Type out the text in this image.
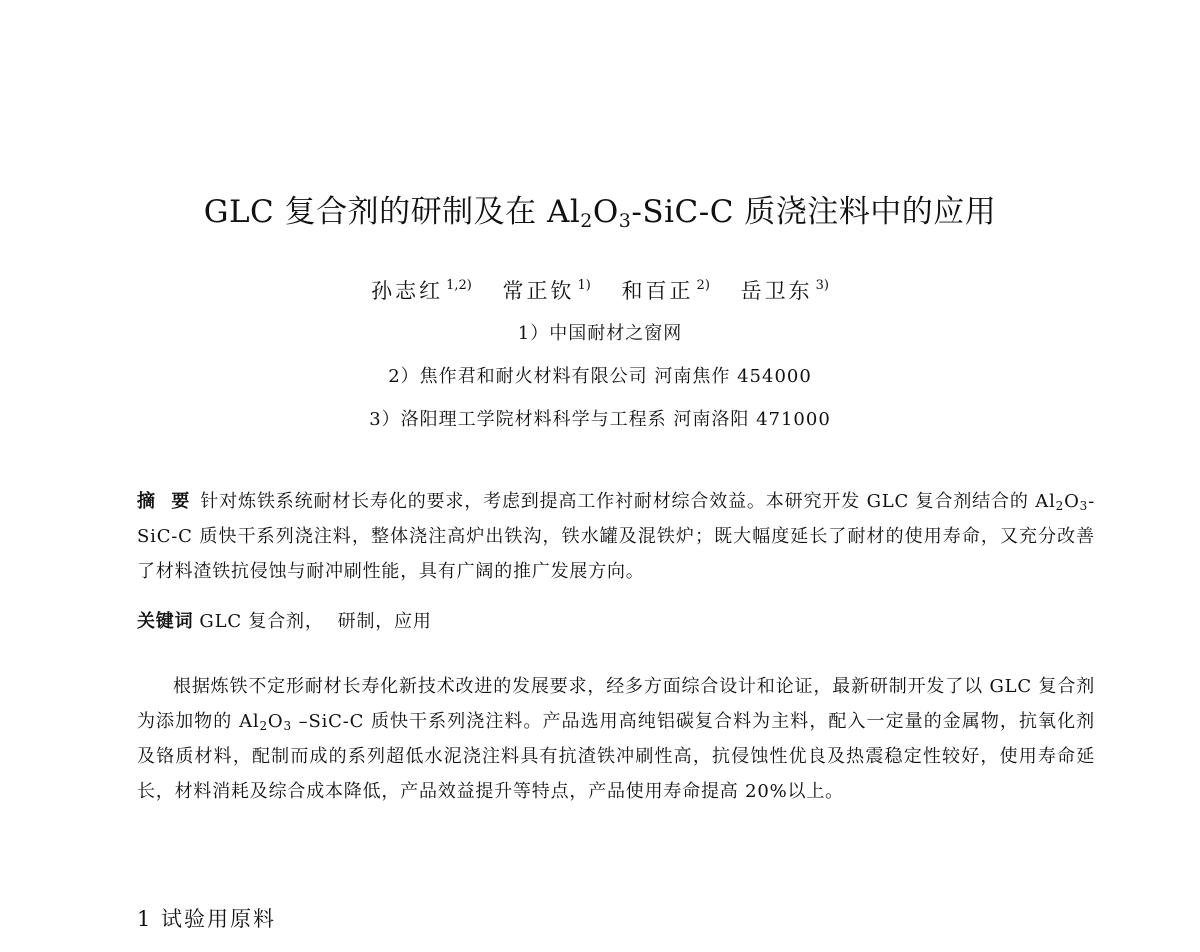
GLC 复合剂的研制及在 $Al_2O_3-SiC-C$ 质浇注料中的应用
孙志红 $^{1,2)}$ 常正钦 $^{1)}$ 和百正 $^{2)}$ 岳卫东 $^{3)}$
1）中国耐材之窗网
2）焦作君和耐火材料有限公司 河南焦作 454000
3）洛阳理工学院材料科学与工程系 河南洛阳 471000
摘 要 针对炼铁系统耐材长寿化的要求，考虑到提高工作衬耐材综合效益。本研究开发 GLC 复合剂结合的 $Al_2O_3-SiC-C$ 质快干系列浇注料，整体浇注高炉出铁沟，铁水罐及混铁炉；既大幅度延长了耐材的使用寿命，又充分改善了材料渣铁抗侵蚀与耐冲刷性能，具有广阔的推广发展方向。
关键词 GLC 复合剂， 研制，应用
根据炼铁不定形耐材长寿化新技术改进的发展要求，经多方面综合设计和论证，最新研制开发了以 GLC 复合剂为添加物的 $Al_2O_3$ –SiC-C 质快干系列浇注料。产品选用高纯铝碳复合料为主料，配入一定量的金属物，抗氧化剂及铬质材料，配制而成的系列超低水泥浇注料具有抗渣铁冲刷性高，抗侵蚀性优良及热震稳定性较好，使用寿命延长，材料消耗及综合成本降低，产品效益提升等特点，产品使用寿命提高 20%以上。
1 试验用原料
